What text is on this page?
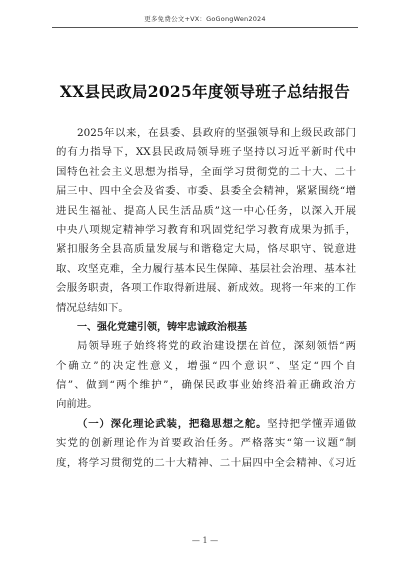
更多免费公文+VX：GoGongWen2024
XX县民政局2025年度领导班子总结报告
2025年以来，在县委、县政府的坚强领导和上级民政部门
的有力指导下，XX县民政局领导班子坚持以习近平新时代中
国特色社会主义思想为指导，全面学习贯彻党的二十大、二十
届三中、四中全会及省委、市委、县委全会精神，紧紧围绕“增
进民生福祉、提高人民生活品质”这一中心任务，以深入开展
中央八项规定精神学习教育和巩固党纪学习教育成果为抓手，
紧扣服务全县高质量发展与和谐稳定大局，恪尽职守、锐意进
取、攻坚克难，全力履行基本民生保障、基层社会治理、基本社
会服务职责，各项工作取得新进展、新成效。现将一年来的工作
情况总结如下。
一、强化党建引领，铸牢忠诚政治根基
局领导班子始终将党的政治建设摆在首位，深刻领悟“两
个确立”的决定性意义，增强“四个意识”、坚定“四个自
信”、做到“两个维护”，确保民政事业始终沿着正确政治方
向前进。
（一）深化理论武装，把稳思想之舵。坚持把学懂弄通做
实党的创新理论作为首要政治任务。严格落实“第一议题”制
度，将学习贯彻党的二十大精神、二十届四中全会精神、《习近
— 1 —
